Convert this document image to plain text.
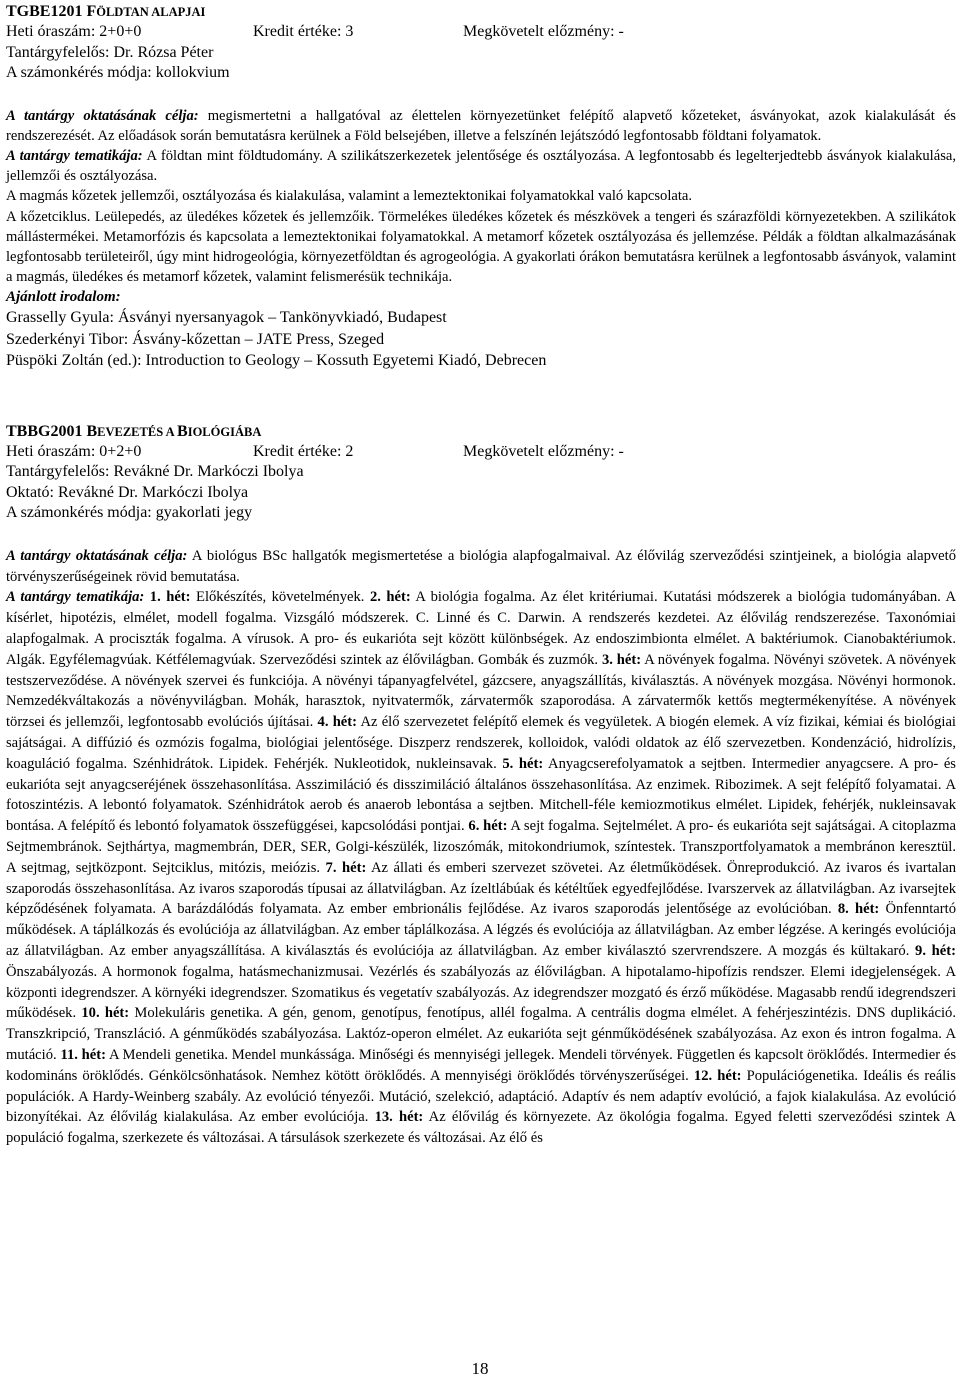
TGBE1201 FÖLDTAN ALAPJAI

Heti óraszám: 2+0+0	Kredit értéke: 3	Megkövetelt előzmény: -

Tantárgyfelelős: Dr. Rózsa Péter

A számonkérés módja: kollokvium

A tantárgy oktatásának célja: megismertetni a hallgatóval az élettelen környezetünket felépítő alapvető kőzeteket, ásványokat, azok kialakulását és rendszerezését. Az előadások során bemutatásra kerülnek a Föld belsejében, illetve a felszínén lejátszódó legfontosabb földtani folyamatok.

A tantárgy tematikája: A földtan mint földtudomány. A szilikátszerkezetek jelentősége és osztályozása. A legfontosabb és legelterjedtebb ásványok kialakulása, jellemzői és osztályozása.

A magmás kőzetek jellemzői, osztályozása és kialakulása, valamint a lemeztektonikai folyamatokkal való kapcsolata.

A kőzetciklus. Leülepedés, az üledékes kőzetek és jellemzőik. Törmelékes üledékes kőzetek és mészkövek a tengeri és szárazföldi környezetekben. A szilikátok mállástermékei. Metamorfózis és kapcsolata a lemeztektonikai folyamatokkal. A metamorf kőzetek osztályozása és jellemzése. Példák a földtan alkalmazásának legfontosabb területeiről, úgy mint hidrogeológia, környezetföldtan és agrogeológia. A gyakorlati órákon bemutatásra kerülnek a legfontosabb ásványok, valamint a magmás, üledékes és metamorf kőzetek, valamint felismerésük technikája.

Ajánlott irodalom:

Grasselly Gyula: Ásványi nyersanyagok – Tankönyvkiadó, Budapest

Szederkényi Tibor: Ásvány-kőzettan – JATE Press, Szeged

Püspöki Zoltán (ed.): Introduction to Geology – Kossuth Egyetemi Kiadó, Debrecen

TBBG2001 BEVEZETÉS A BIOLÓGIÁBA

Heti óraszám: 0+2+0	Kredit értéke: 2	Megkövetelt előzmény: -

Tantárgyfelelős: Revákné Dr. Markóczi Ibolya

Oktató: Revákné Dr. Markóczi Ibolya

A számonkérés módja: gyakorlati jegy

A tantárgy oktatásának célja: A biológus BSc hallgatók megismertetése a biológia alapfogalmaival. Az élővilág szerveződési szintjeinek, a biológia alapvető törvényszerűségeinek rövid bemutatása.

A tantárgy tematikája: 1. hét: Előkészítés, követelmények. 2. hét: A biológia fogalma. Az élet kritériumai. Kutatási módszerek a biológia tudományában. A kísérlet, hipotézis, elmélet, modell fogalma. Vizsgáló módszerek. C. Linné és C. Darwin. A rendszerés kezdetei. Az élővilág rendszerezése. Taxonómiai alapfogalmak. A prociszták fogalma. A vírusok. A pro- és eukarióta sejt között különbségek. Az endoszimbionta elmélet. A baktériumok. Cianobaktériumok. Algák. Egyfélemagvúak. Kétfélemagvúak. Szerveződési szintek az élővilágban. Gombák és zuzmók. 3. hét: A növények fogalma. Növényi szövetek. A növények testszerveződése. A növények szervei és funkciója. A növényi tápanyagfelvétel, gázcsere, anyagszállítás, kiválasztás. A növények mozgása. Növényi hormonok. Nemzedékváltakozás a növényvilágban. Mohák, harasztok, nyitvatermők, zárvatermők szaporodása. A zárvatermők kettős megtermékenyítése. A növények törzsei és jellemzői, legfontosabb evolúciós újításai. 4. hét: Az élő szervezetet felépítő elemek és vegyületek. A biogén elemek. A víz fizikai, kémiai és biológiai sajátságai. A diffúzió és ozmózis fogalma, biológiai jelentősége. Diszperz rendszerek, kolloidok, valódi oldatok az élő szervezetben. Kondenzáció, hidrolízis, koaguláció fogalma. Szénhidrátok. Lipidek. Fehérjék. Nukleotidok, nukleinsavak. 5. hét: Anyagcserefolyamatok a sejtben. Intermedier anyagcsere. A pro- és eukarióta sejt anyagcseréjének összehasonlítása. Asszimiláció és disszimiláció általános összehasonlítása. Az enzimek. Ribozimek. A sejt felépítő folyamatai. A fotoszintézis. A lebontó folyamatok. Szénhidrátok aerob és anaerob lebontása a sejtben. Mitchell-féle kemiozmotikus elmélet. Lipidek, fehérjék, nukleinsavak bontása. A felépítő és lebontó folyamatok összefüggései, kapcsolódási pontjai. 6. hét: A sejt fogalma. Sejtelmélet. A pro- és eukarióta sejt sajátságai. A citoplazma Sejtmembránok. Sejthártya, magmembrán, DER, SER, Golgi-készülék, lizoszómák, mitokondriumok, színtestek. Transzportfolyamatok a membránon keresztül. A sejtmag, sejtközpont. Sejtciklus, mitózis, meiózis. 7. hét: Az állati és emberi szervezet szövetei. Az életműködések. Önreprodukció. Az ivaros és ivartalan szaporodás összehasonlítása. Az ivaros szaporodás típusai az állatvilágban. Az ízeltlábúak és kétéltűek egyedfejlődése. Ivarszervek az állatvilágban. Az ivarsejtek képződésének folyamata. A barázdálódás folyamata. Az ember embrionális fejlődése. Az ivaros szaporodás jelentősége az evolúcióban. 8. hét: Önfenntartó működések. A táplálkozás és evolúciója az állatvilágban. Az ember táplálkozása. A légzés és evolúciója az állatvilágban. Az ember légzése. A keringés evolúciója az állatvilágban. Az ember anyagszállítása. A kiválasztás és evolúciója az állatvilágban. Az ember kiválasztó szervrendszere. A mozgás és kültakaró. 9. hét: Önszabályozás. A hormonok fogalma, hatásmechanizmusai. Vezérlés és szabályozás az élővilágban. A hipotalamo-hipofízis rendszer. Elemi idegjelenségek. A központi idegrendszer. A környéki idegrendszer. Szomatikus és vegetatív szabályozás. Az idegrendszer mozgató és érző működése. Magasabb rendű idegrendszeri működések. 10. hét: Molekuláris genetika. A gén, genom, genotípus, fenotípus, allél fogalma. A centrális dogma elmélet. A fehérjeszintézis. DNS duplikáció. Transzkripció, Transzláció. A génműködés szabályozása. Laktóz-operon elmélet. Az eukarióta sejt génműködésének szabályozása. Az exon és intron fogalma. A mutáció. 11. hét: A Mendeli genetika. Mendel munkássága. Minőségi és mennyiségi jellegek. Mendeli törvények. Független és kapcsolt öröklődés. Intermedier és kodomináns öröklődés. Génkölcsönhatások. Nemhez kötött öröklődés. A mennyiségi öröklődés törvényszerűségei. 12. hét: Populációgenetika. Ideális és reális populációk. A Hardy-Weinberg szabály. Az evolúció tényezői. Mutáció, szelekció, adaptáció. Adaptív és nem adaptív evolúció, a fajok kialakulása. Az evolúció bizonyítékai. Az élővilág kialakulása. Az ember evolúciója. 13. hét: Az élővilág és környezete. Az ökológia fogalma. Egyed feletti szerveződési szintek A populáció fogalma, szerkezete és változásai. A társulások szerkezete és változásai. Az élő és

18
